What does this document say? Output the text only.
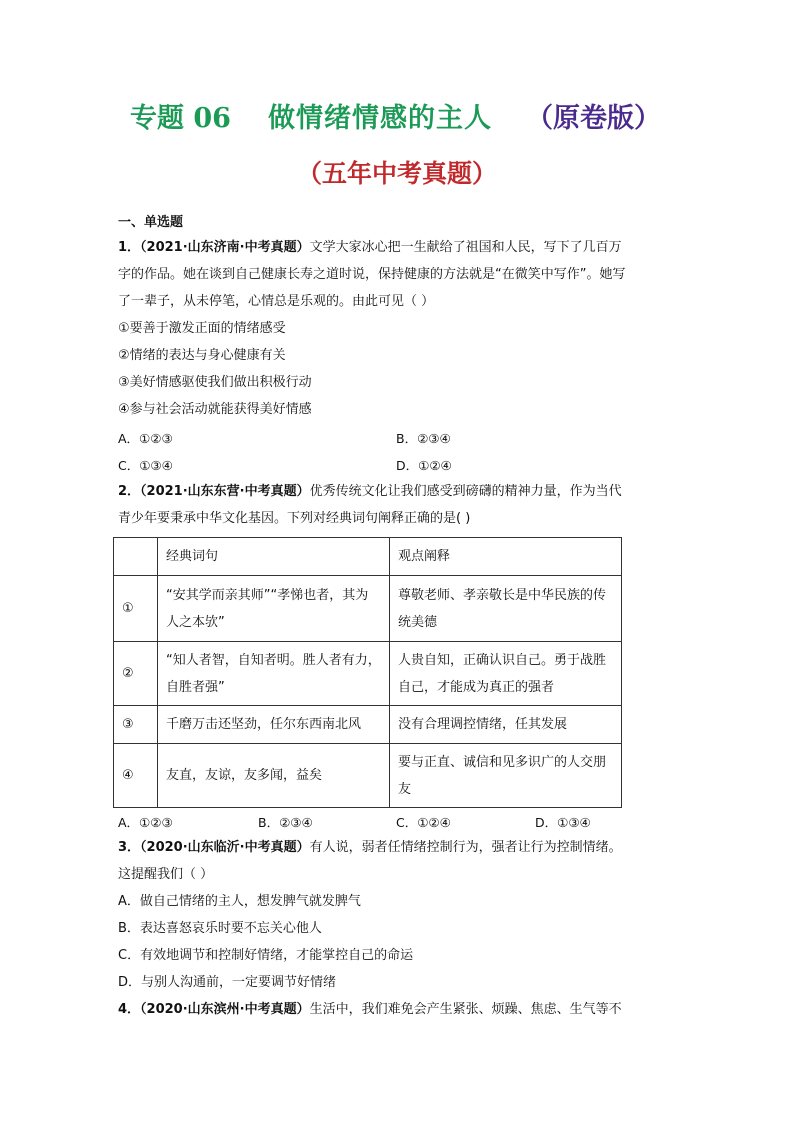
专题 06 做情绪情感的主人 （原卷版）
（五年中考真题）
一、单选题
1．（2021·山东济南·中考真题）文学大家冰心把一生献给了祖国和人民，写下了几百万
字的作品。她在谈到自己健康长寿之道时说，保持健康的方法就是“在微笑中写作”。她写
了一辈子，从未停笔，心情总是乐观的。由此可见（ ）
①要善于激发正面的情绪感受
②情绪的表达与身心健康有关
③美好情感驱使我们做出积极行动
④参与社会活动就能获得美好情感
A．①②③	B．②③④
C．①③④	D．①②④
2．（2021·山东东营·中考真题）优秀传统文化让我们感受到磅礴的精神力量，作为当代
青少年要秉承中华文化基因。下列对经典词句阐释正确的是( )
	经典词句	观点阐释
①	“安其学而亲其师”“孝悌也者，其为人之本欤”	尊敬老师、孝亲敬长是中华民族的传统美德
②	“知人者智，自知者明。胜人者有力，自胜者强”	人贵自知，正确认识自己。勇于战胜自己，才能成为真正的强者
③	千磨万击还坚劲，任尔东西南北风	没有合理调控情绪，任其发展
④	友直，友谅，友多闻，益矣	要与正直、诚信和见多识广的人交朋友
A．①②③	B．②③④	C．①②④	D．①③④
3．（2020·山东临沂·中考真题）有人说，弱者任情绪控制行为，强者让行为控制情绪。
这提醒我们（ ）
A．做自己情绪的主人，想发脾气就发脾气
B．表达喜怒哀乐时要不忘关心他人
C．有效地调节和控制好情绪，才能掌控自己的命运
D．与别人沟通前，一定要调节好情绪
4．（2020·山东滨州·中考真题）生活中，我们难免会产生紧张、烦躁、焦虑、生气等不
